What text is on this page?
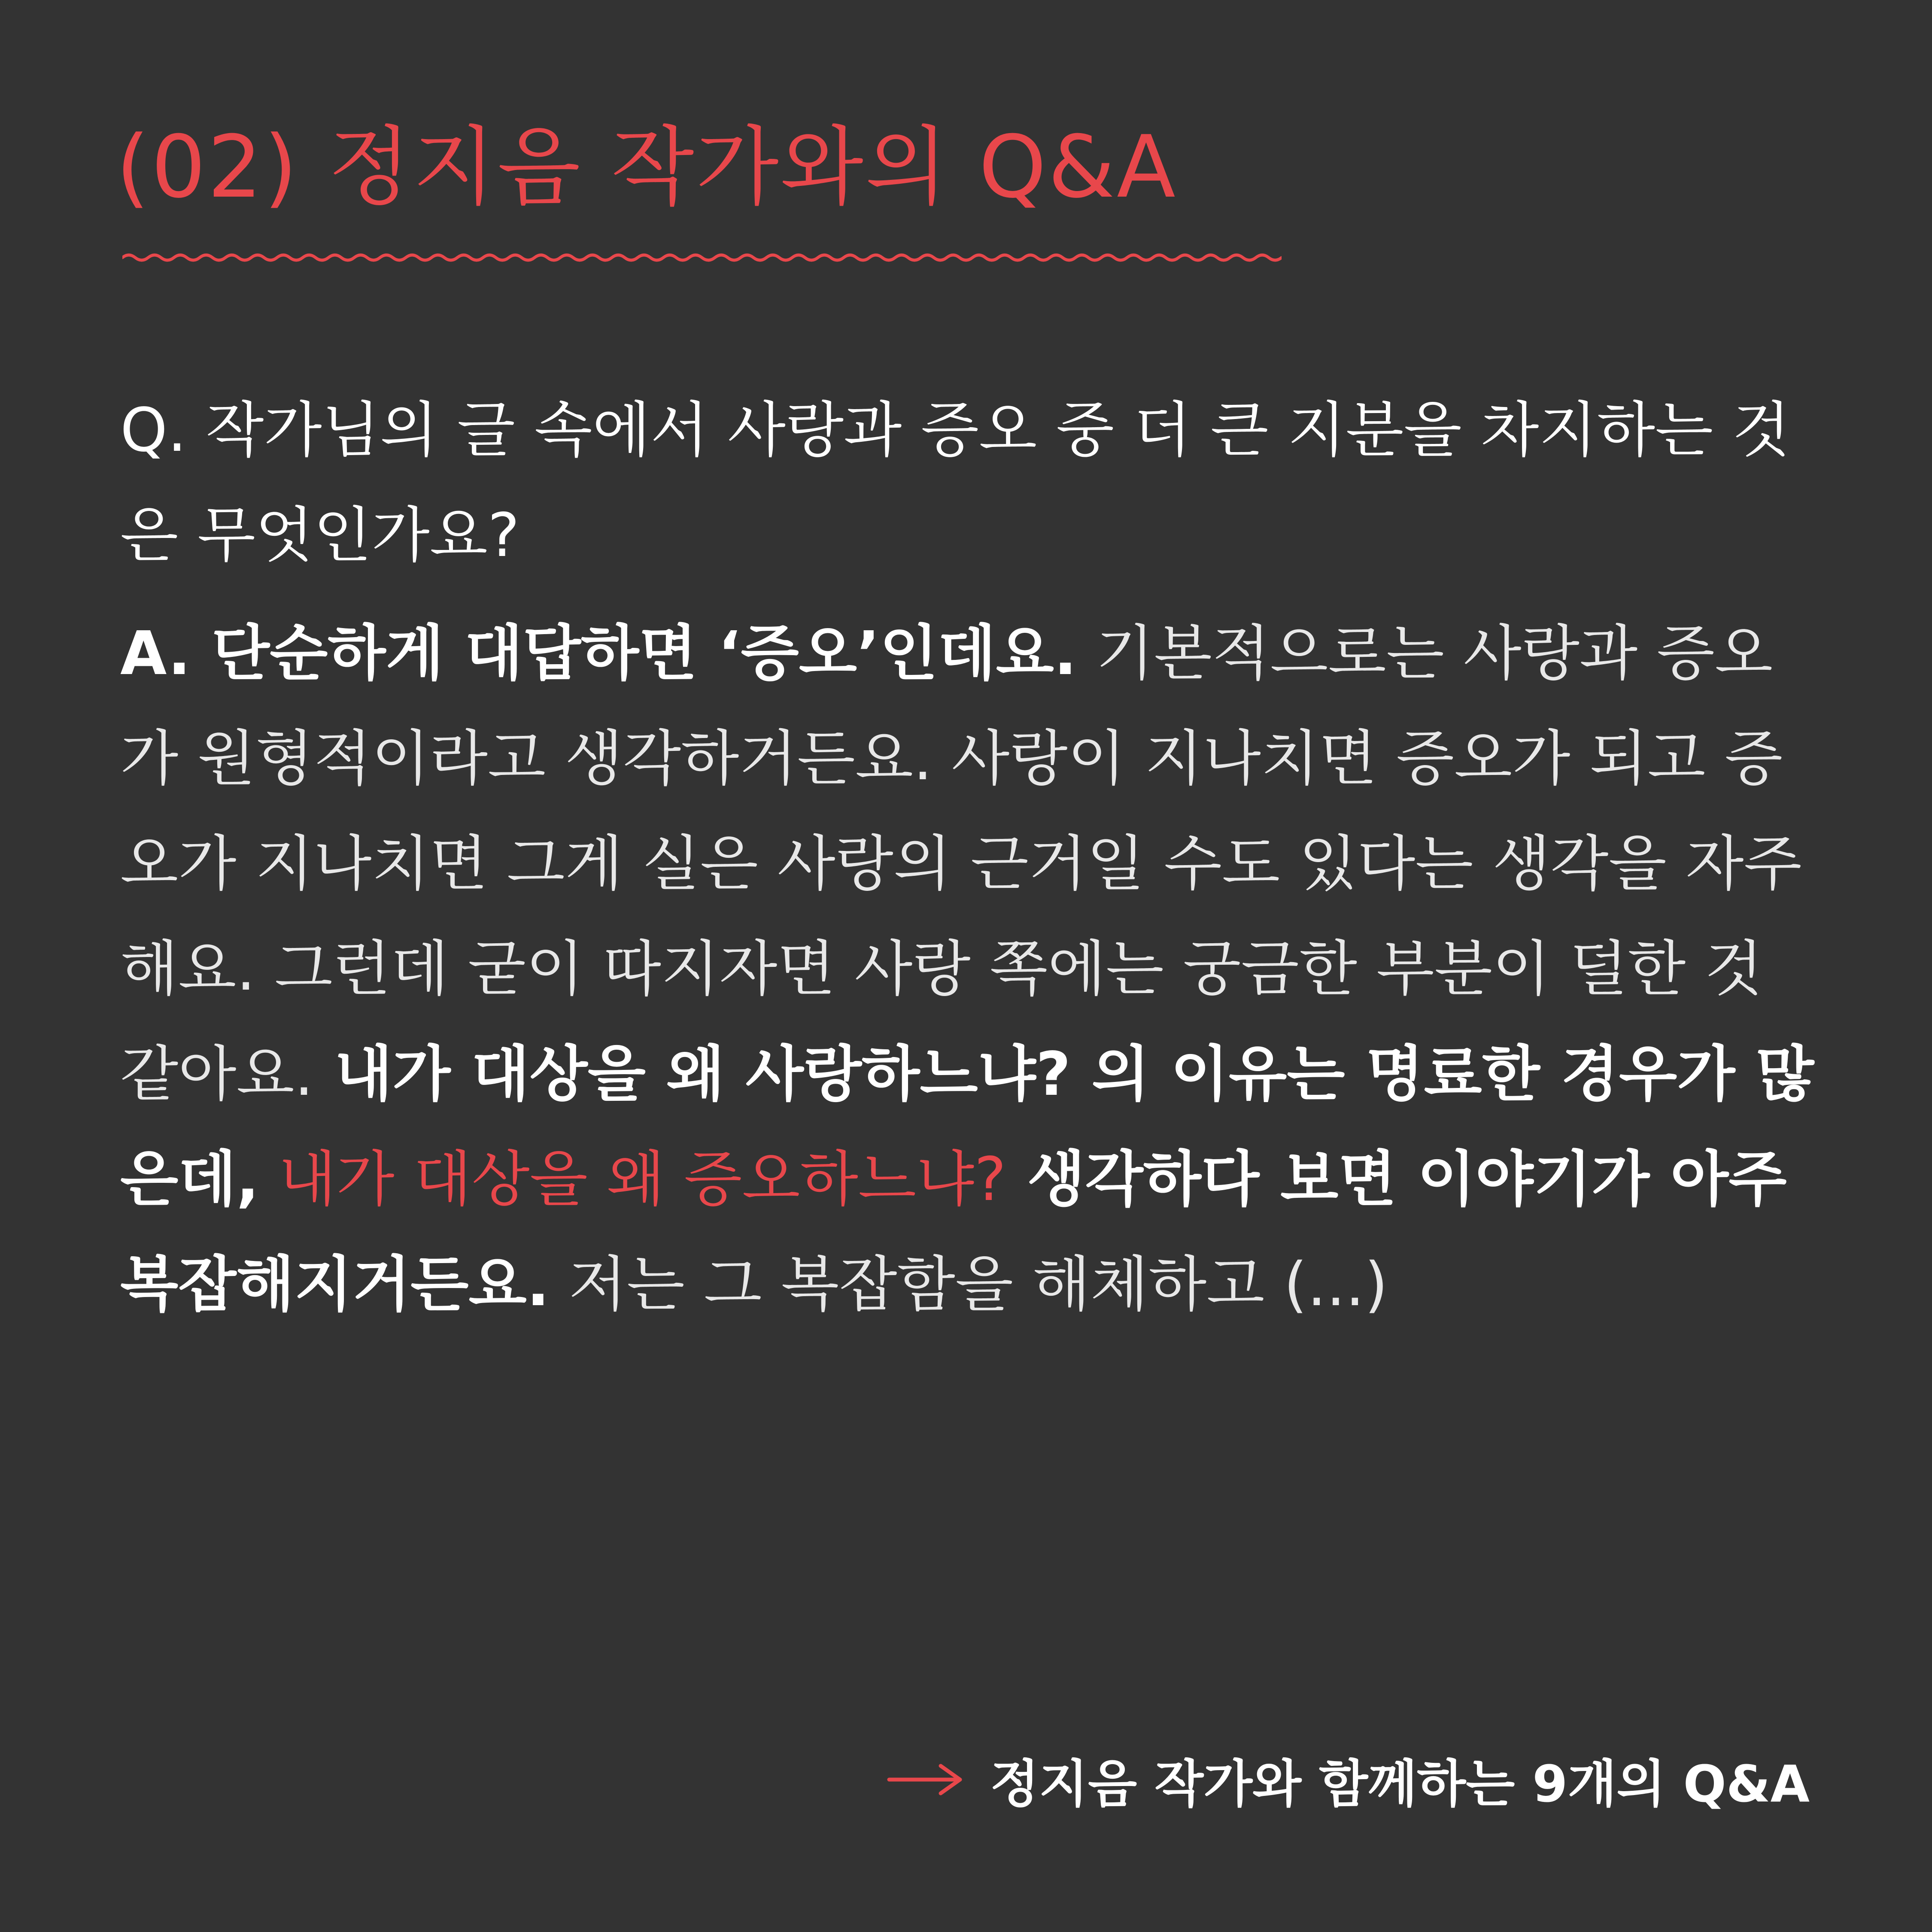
(02) 정지음 작가와의 Q&A

Q. 작가님의 글 속에서 사랑과 증오 중 더 큰 지분을 차지하는 것은 무엇인가요?

A. 단순하게 대답하면 ‘증오’인데요. 기본적으로는 사랑과 증오가 원형적이라고 생각하거든요. 사랑이 지나치면 증오가 되고 증오가 지나치면 그게 실은 사랑의 근거일 수도 있다는 생각을 자주 해요. 그런데 굳이 따지자면 사랑 쪽에는 궁금한 부분이 덜한 것 같아요. 내가 대상을 왜 사랑하느냐? 의 이유는 명료한 경우가 많은데, 내가 대상을 왜 증오하느냐? 생각하다 보면 이야기가 아주 복잡해지거든요. 저는 그 복잡함을 해체하고 (...)

정지음 작가와 함께하는 9개의 Q&A
